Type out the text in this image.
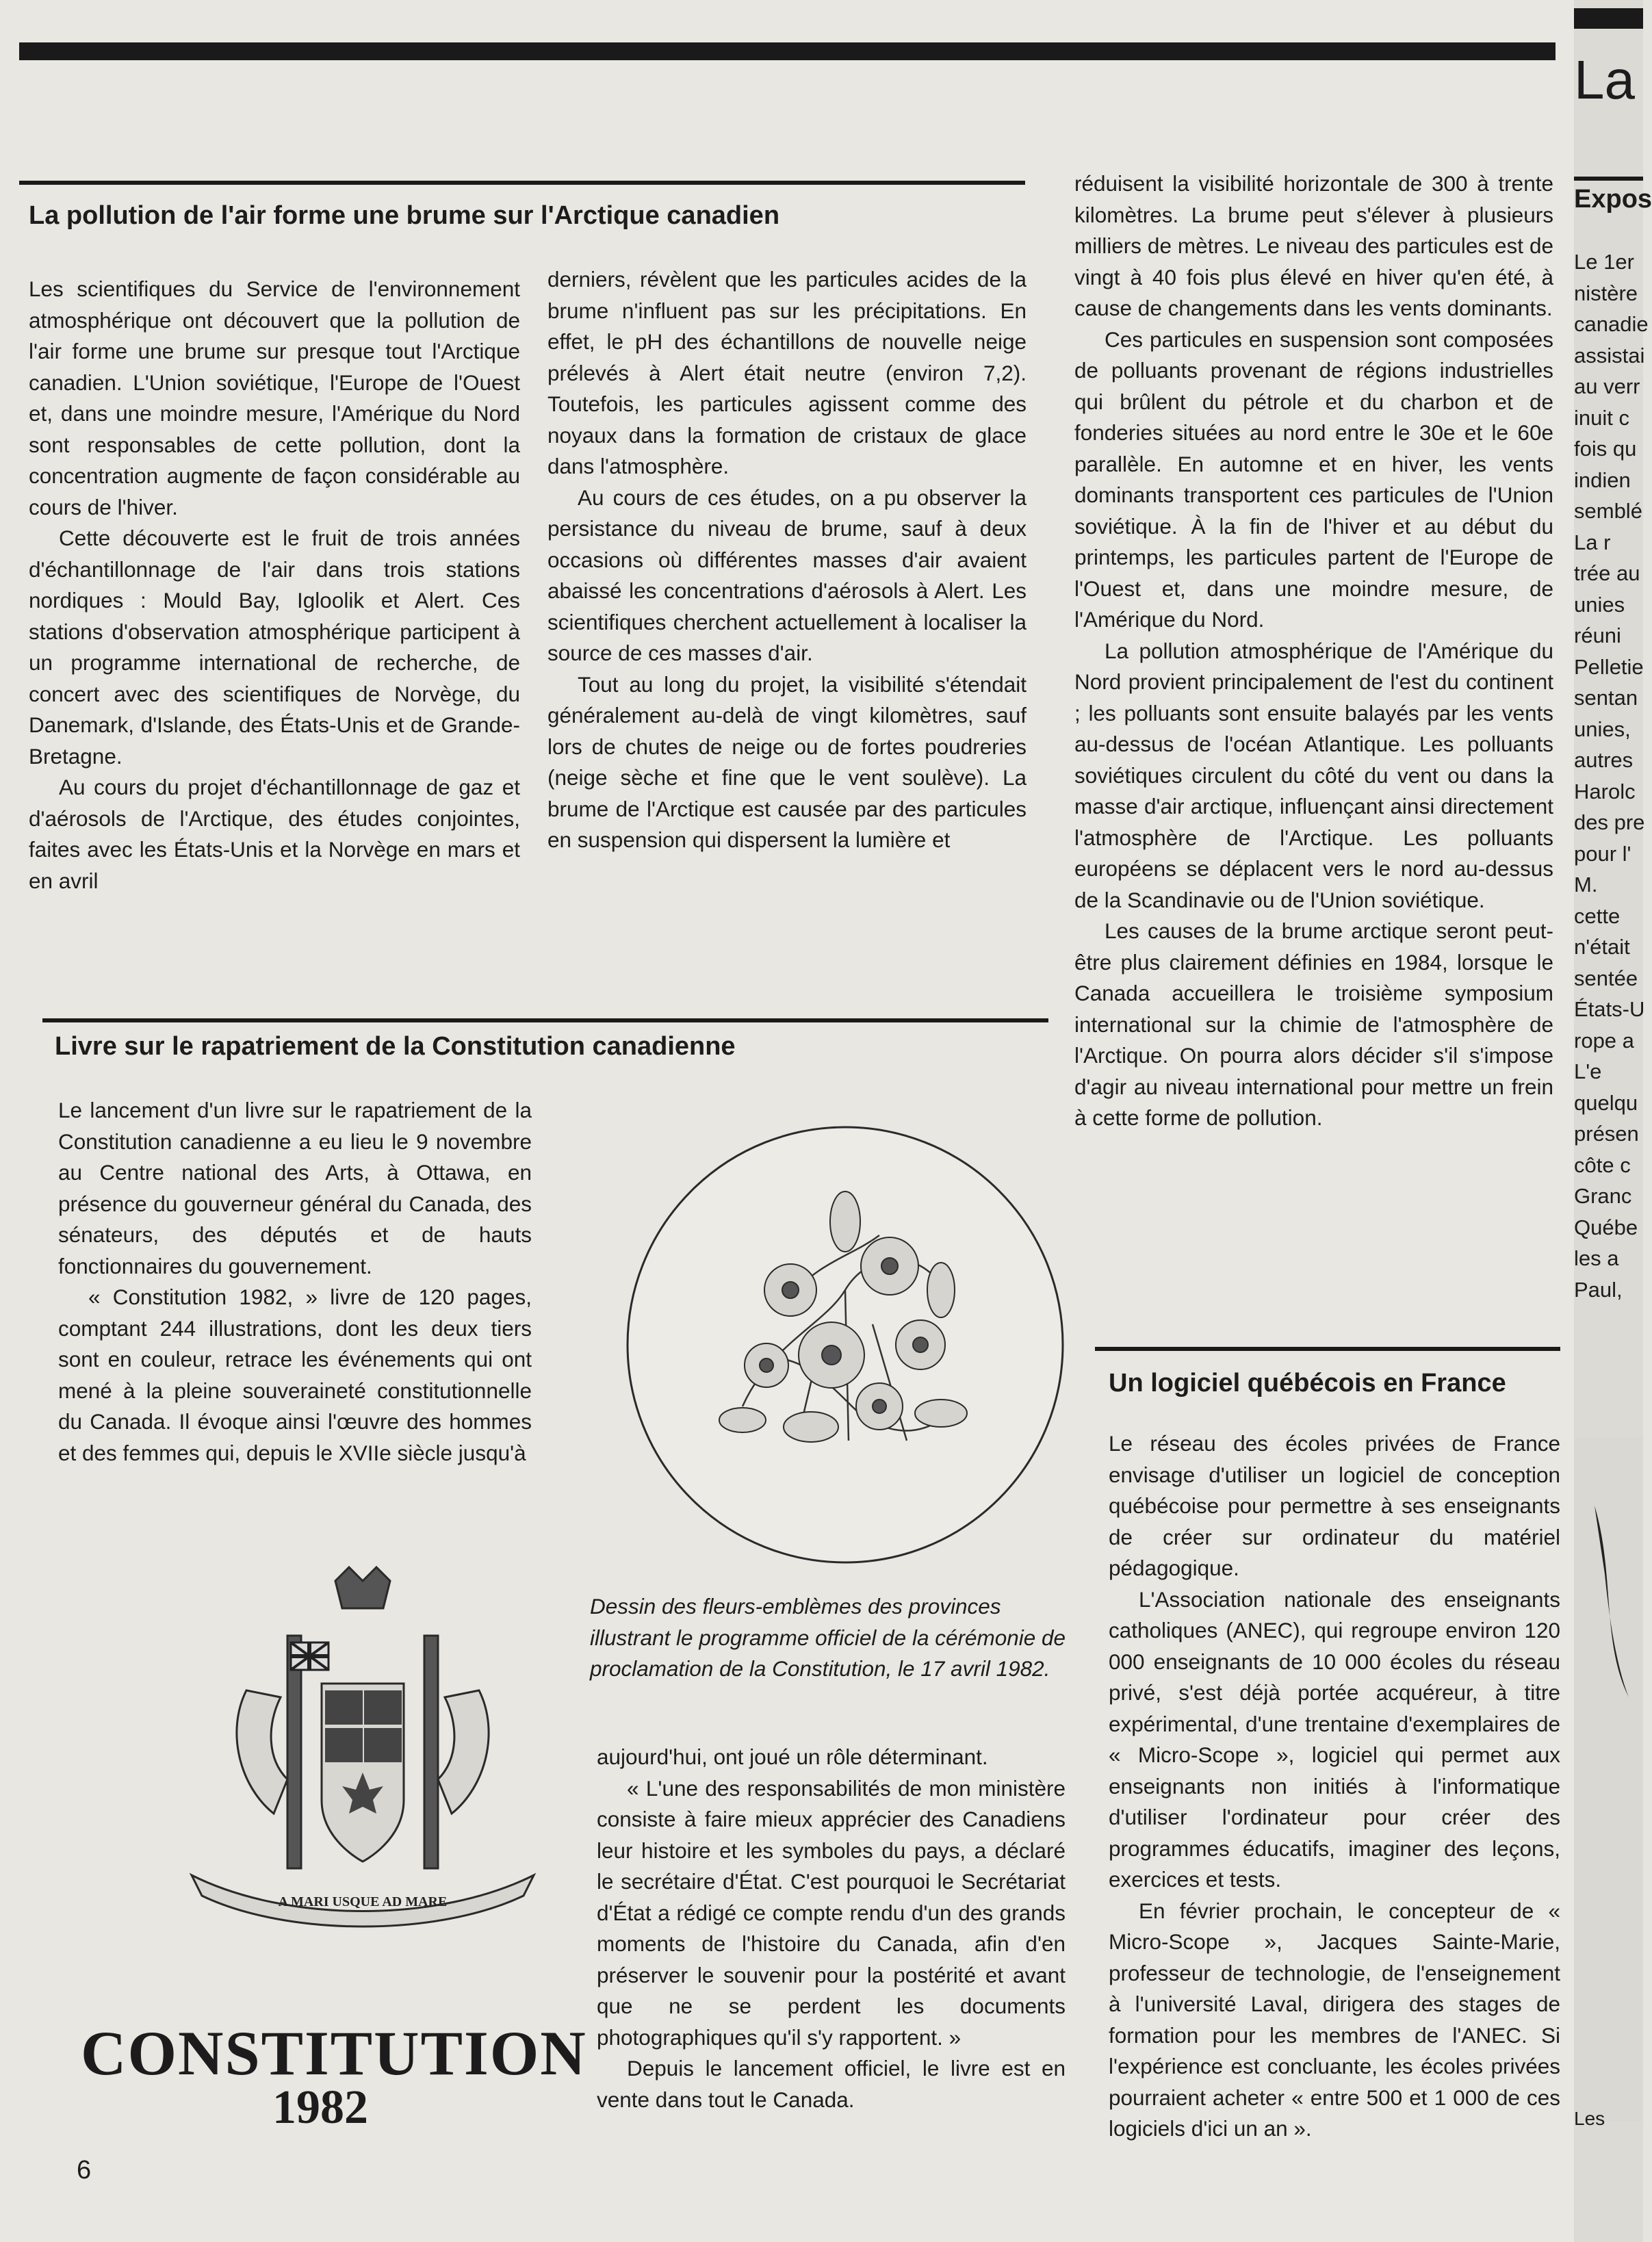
La pollution de l'air forme une brume sur l'Arctique canadien

Les scientifiques du Service de l'environnement atmosphérique ont découvert que la pollution de l'air forme une brume sur presque tout l'Arctique canadien. L'Union soviétique, l'Europe de l'Ouest et, dans une moindre mesure, l'Amérique du Nord sont responsables de cette pollution, dont la concentration augmente de façon considérable au cours de l'hiver.

Cette découverte est le fruit de trois années d'échantillonnage de l'air dans trois stations nordiques : Mould Bay, Igloolik et Alert. Ces stations d'observation atmosphérique participent à un programme international de recherche, de concert avec des scientifiques de Norvège, du Danemark, d'Islande, des États-Unis et de Grande-Bretagne.

Au cours du projet d'échantillonnage de gaz et d'aérosols de l'Arctique, des études conjointes, faites avec les États-Unis et la Norvège en mars et en avril

derniers, révèlent que les particules acides de la brume n'influent pas sur les précipitations. En effet, le pH des échantillons de nouvelle neige prélevés à Alert était neutre (environ 7,2). Toutefois, les particules agissent comme des noyaux dans la formation de cristaux de glace dans l'atmosphère.

Au cours de ces études, on a pu observer la persistance du niveau de brume, sauf à deux occasions où différentes masses d'air avaient abaissé les concentrations d'aérosols à Alert. Les scientifiques cherchent actuellement à localiser la source de ces masses d'air.

Tout au long du projet, la visibilité s'étendait généralement au-delà de vingt kilomètres, sauf lors de chutes de neige ou de fortes poudreries (neige sèche et fine que le vent soulève). La brume de l'Arctique est causée par des particules en suspension qui dispersent la lumière et

réduisent la visibilité horizontale de 300 à trente kilomètres. La brume peut s'élever à plusieurs milliers de mètres. Le niveau des particules est de vingt à 40 fois plus élevé en hiver qu'en été, à cause de changements dans les vents dominants.

Ces particules en suspension sont composées de polluants provenant de régions industrielles qui brûlent du pétrole et du charbon et de fonderies situées au nord entre le 30e et le 60e parallèle. En automne et en hiver, les vents dominants transportent ces particules de l'Union soviétique. À la fin de l'hiver et au début du printemps, les particules partent de l'Europe de l'Ouest et, dans une moindre mesure, de l'Amérique du Nord.

La pollution atmosphérique de l'Amérique du Nord provient principalement de l'est du continent ; les polluants sont ensuite balayés par les vents au-dessus de l'océan Atlantique. Les polluants soviétiques circulent du côté du vent ou dans la masse d'air arctique, influençant ainsi directement l'atmosphère de l'Arctique. Les polluants européens se déplacent vers le nord au-dessus de la Scandinavie ou de l'Union soviétique.

Les causes de la brume arctique seront peut-être plus clairement définies en 1984, lorsque le Canada accueillera le troisième symposium international sur la chimie de l'atmosphère de l'Arctique. On pourra alors décider s'il s'impose d'agir au niveau international pour mettre un frein à cette forme de pollution.

Livre sur le rapatriement de la Constitution canadienne

Le lancement d'un livre sur le rapatriement de la Constitution canadienne a eu lieu le 9 novembre au Centre national des Arts, à Ottawa, en présence du gouverneur général du Canada, des sénateurs, des députés et de hauts fonctionnaires du gouvernement.

« Constitution 1982, » livre de 120 pages, comptant 244 illustrations, dont les deux tiers sont en couleur, retrace les événements qui ont mené à la pleine souveraineté constitutionnelle du Canada. Il évoque ainsi l'œuvre des hommes et des femmes qui, depuis le XVIIe siècle jusqu'à

Dessin des fleurs-emblèmes des provinces illustrant le programme officiel de la cérémonie de proclamation de la Constitution, le 17 avril 1982.
A MARI USQUE AD MARE
CONSTITUTION
1982

aujourd'hui, ont joué un rôle déterminant.

« L'une des responsabilités de mon ministère consiste à faire mieux apprécier des Canadiens leur histoire et les symboles du pays, a déclaré le secrétaire d'État. C'est pourquoi le Secrétariat d'État a rédigé ce compte rendu d'un des grands moments de l'histoire du Canada, afin d'en préserver le souvenir pour la postérité et avant que ne se perdent les documents photographiques qu'il s'y rapportent. »

Depuis le lancement officiel, le livre est en vente dans tout le Canada.

Un logiciel québécois en France

Le réseau des écoles privées de France envisage d'utiliser un logiciel de conception québécoise pour permettre à ses enseignants de créer sur ordinateur du matériel pédagogique.

L'Association nationale des enseignants catholiques (ANEC), qui regroupe environ 120 000 enseignants de 10 000 écoles du réseau privé, s'est déjà portée acquéreur, à titre expérimental, d'une trentaine d'exemplaires de « Micro-Scope », logiciel qui permet aux enseignants non initiés à l'informatique d'utiliser l'ordinateur pour créer des programmes éducatifs, imaginer des leçons, exercices et tests.

En février prochain, le concepteur de « Micro-Scope », Jacques Sainte-Marie, professeur de technologie, de l'enseignement à l'université Laval, dirigera des stages de formation pour les membres de l'ANEC. Si l'expérience est concluante, les écoles privées pourraient acheter « entre 500 et 1 000 de ces logiciels d'ici un an ».

6
La
Expos
Le 1er
nistère
canadie
assistai
au verr
inuit c
fois qu
indien
semblé
La r
trée au
unies
réuni
Pelletie
sentan
unies,
autres
Harolc
des pre
pour l'
M.
cette
n'était
sentée
États-U
rope a
L'e
quelqu
présen
côte c
Granc
Québe
les a
Paul,
Les
